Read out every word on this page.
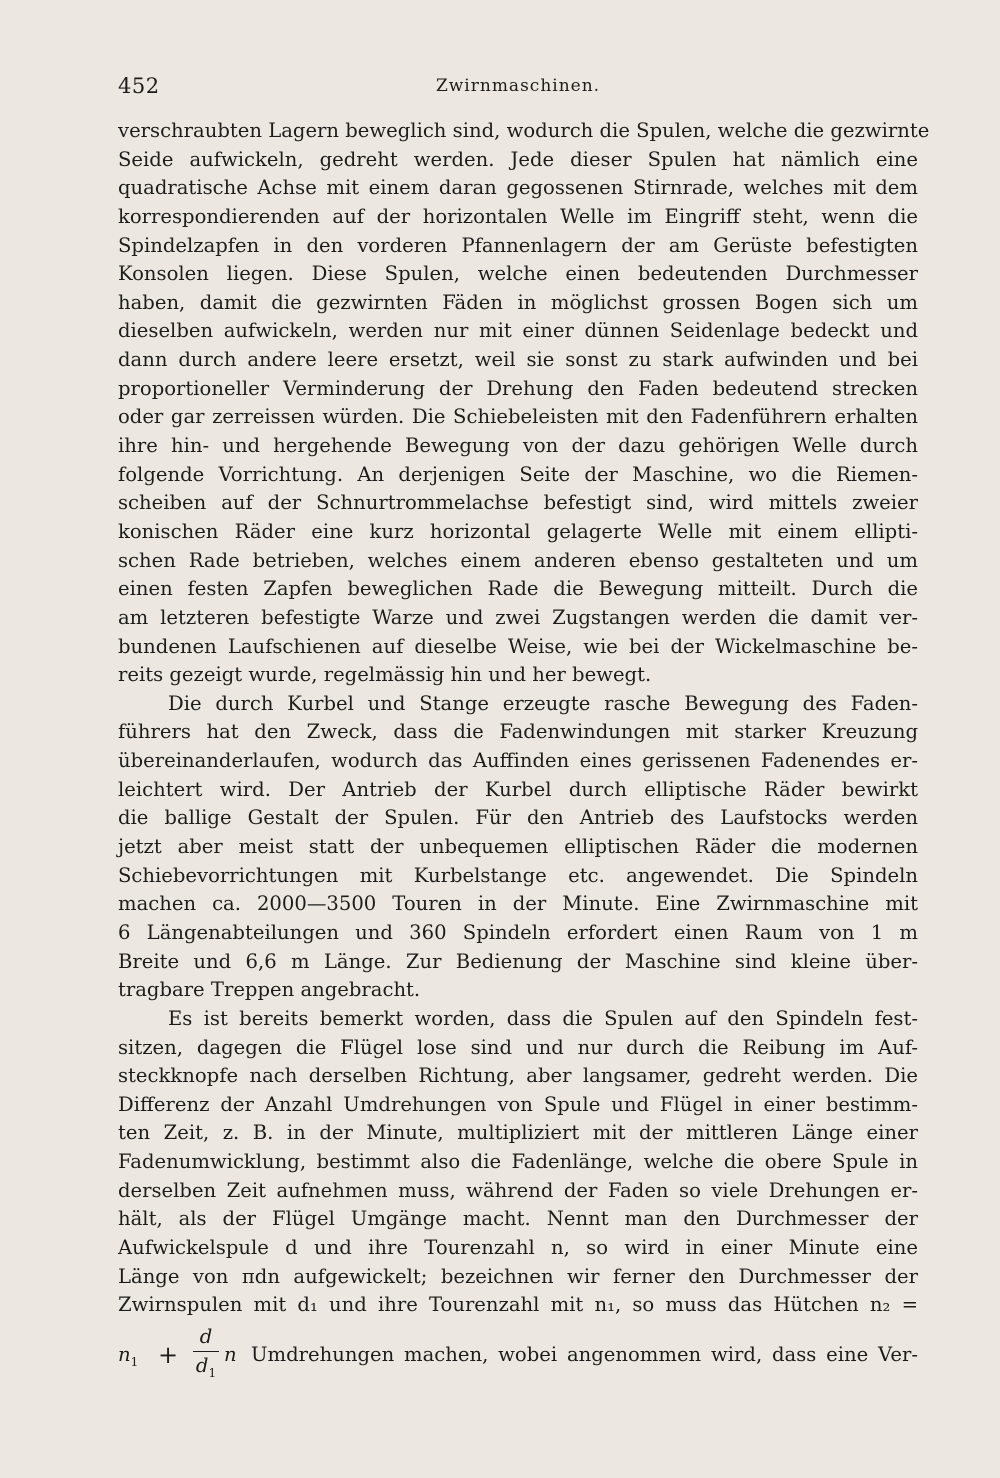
452	Zwirnmaschinen.
verschraubten Lagern beweglich sind, wodurch die Spulen, welche die gezwirnte
Seide aufwickeln, gedreht werden. Jede dieser Spulen hat nämlich eine
quadratische Achse mit einem daran gegossenen Stirnrade, welches mit dem
korrespondierenden auf der horizontalen Welle im Eingriff steht, wenn die
Spindelzapfen in den vorderen Pfannenlagern der am Gerüste befestigten
Konsolen liegen. Diese Spulen, welche einen bedeutenden Durchmesser
haben, damit die gezwirnten Fäden in möglichst grossen Bogen sich um
dieselben aufwickeln, werden nur mit einer dünnen Seidenlage bedeckt und
dann durch andere leere ersetzt, weil sie sonst zu stark aufwinden und bei
proportioneller Verminderung der Drehung den Faden bedeutend strecken
oder gar zerreissen würden. Die Schiebeleisten mit den Fadenführern erhalten
ihre hin- und hergehende Bewegung von der dazu gehörigen Welle durch
folgende Vorrichtung. An derjenigen Seite der Maschine, wo die Riemen-
scheiben auf der Schnurtrommelachse befestigt sind, wird mittels zweier
konischen Räder eine kurz horizontal gelagerte Welle mit einem ellipti-
schen Rade betrieben, welches einem anderen ebenso gestalteten und um
einen festen Zapfen beweglichen Rade die Bewegung mitteilt. Durch die
am letzteren befestigte Warze und zwei Zugstangen werden die damit ver-
bundenen Laufschienen auf dieselbe Weise, wie bei der Wickelmaschine be-
reits gezeigt wurde, regelmässig hin und her bewegt.
Die durch Kurbel und Stange erzeugte rasche Bewegung des Faden-
führers hat den Zweck, dass die Fadenwindungen mit starker Kreuzung
übereinanderlaufen, wodurch das Auffinden eines gerissenen Fadenendes er-
leichtert wird. Der Antrieb der Kurbel durch elliptische Räder bewirkt
die ballige Gestalt der Spulen. Für den Antrieb des Laufstocks werden
jetzt aber meist statt der unbequemen elliptischen Räder die modernen
Schiebevorrichtungen mit Kurbelstange etc. angewendet. Die Spindeln
machen ca. 2000—3500 Touren in der Minute. Eine Zwirnmaschine mit
6 Längenabteilungen und 360 Spindeln erfordert einen Raum von 1 m
Breite und 6,6 m Länge. Zur Bedienung der Maschine sind kleine über-
tragbare Treppen angebracht.
Es ist bereits bemerkt worden, dass die Spulen auf den Spindeln fest-
sitzen, dagegen die Flügel lose sind und nur durch die Reibung im Auf-
steckknopfe nach derselben Richtung, aber langsamer, gedreht werden. Die
Differenz der Anzahl Umdrehungen von Spule und Flügel in einer bestimm-
ten Zeit, z. B. in der Minute, multipliziert mit der mittleren Länge einer
Fadenumwicklung, bestimmt also die Fadenlänge, welche die obere Spule in
derselben Zeit aufnehmen muss, während der Faden so viele Drehungen er-
hält, als der Flügel Umgänge macht. Nennt man den Durchmesser der
Aufwickelspule d und ihre Tourenzahl n, so wird in einer Minute eine
Länge von πdn aufgewickelt; bezeichnen wir ferner den Durchmesser der
Zwirnspulen mit d₁ und ihre Tourenzahl mit n₁, so muss das Hütchen n₂ =
$n_1$ +
d
$d_1$
n Umdrehungen machen, wobei angenommen wird, dass eine Ver-
